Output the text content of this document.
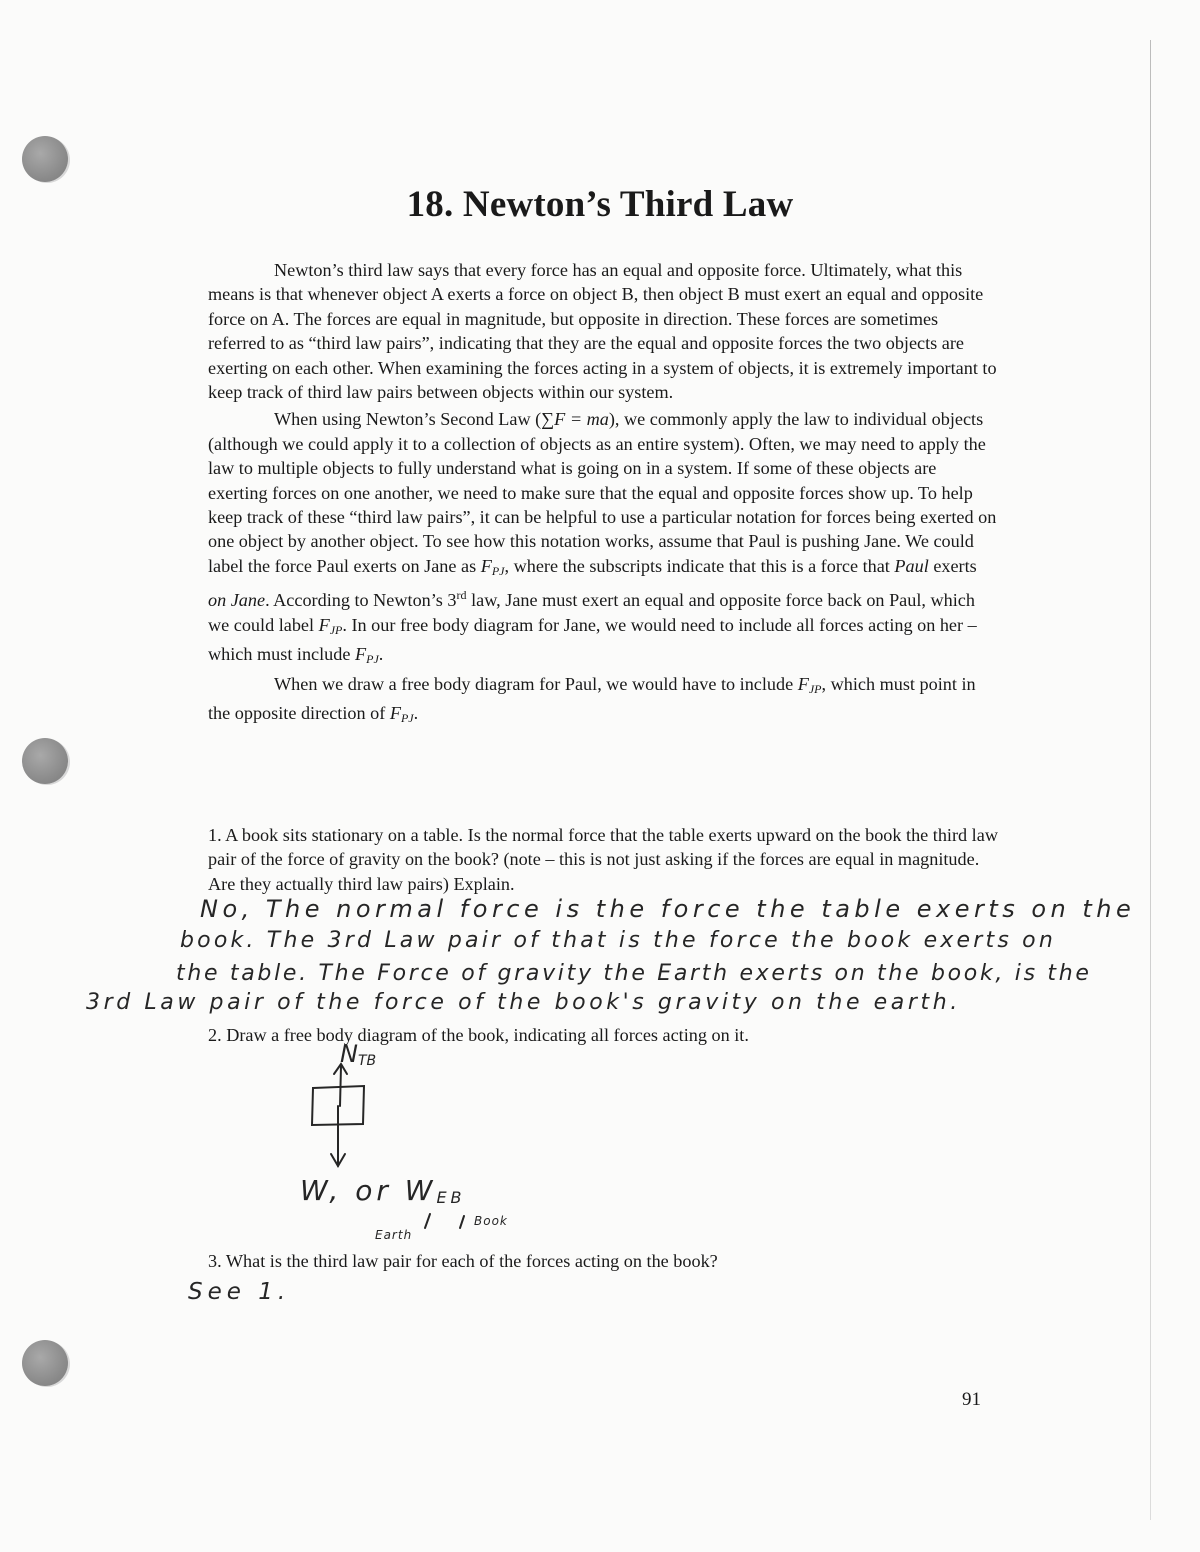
18. Newton’s Third Law

Newton’s third law says that every force has an equal and opposite force. Ultimately, what this means is that whenever object A exerts a force on object B, then object B must exert an equal and opposite force on A. The forces are equal in magnitude, but opposite in direction. These forces are sometimes referred to as “third law pairs”, indicating that they are the equal and opposite forces the two objects are exerting on each other. When examining the forces acting in a system of objects, it is extremely important to keep track of third law pairs between objects within our system.

When using Newton’s Second Law (∑F = ma), we commonly apply the law to individual objects (although we could apply it to a collection of objects as an entire system). Often, we may need to apply the law to multiple objects to fully understand what is going on in a system. If some of these objects are exerting forces on one another, we need to make sure that the equal and opposite forces show up. To help keep track of these “third law pairs”, it can be helpful to use a particular notation for forces being exerted on one object by another object. To see how this notation works, assume that Paul is pushing Jane. We could label the force Paul exerts on Jane as $F_{PJ}$, where the subscripts indicate that this is a force that Paul exerts on Jane. According to Newton’s 3rd law, Jane must exert an equal and opposite force back on Paul, which we could label $F_{JP}$. In our free body diagram for Jane, we would need to include all forces acting on her – which must include $F_{PJ}$.

When we draw a free body diagram for Paul, we would have to include $F_{JP}$, which must point in the opposite direction of $F_{PJ}$.

1. A book sits stationary on a table. Is the normal force that the table exerts upward on the book the third law pair of the force of gravity on the book? (note – this is not just asking if the forces are equal in magnitude. Are they actually third law pairs) Explain.
No, The normal force is the force the table exerts on the
book. The 3rd Law pair of that is the force the book exerts on
the table. The Force of gravity the Earth exerts on the book, is the
3rd Law pair of the force of the book's gravity on the earth.
2. Draw a free body diagram of the book, indicating all forces acting on it.
$N_{TB}$
W, or $W_{EB}$
Earth
Book
3. What is the third law pair for each of the forces acting on the book?
See 1.
91
